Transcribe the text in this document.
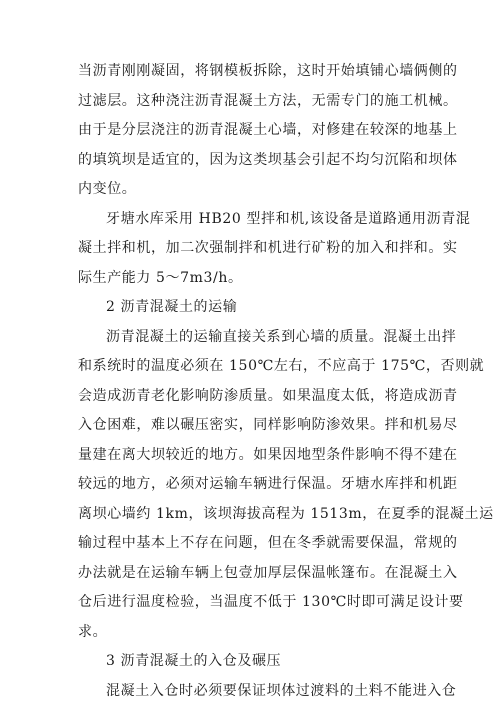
当沥青刚刚凝固，将钢模板拆除，这时开始填铺心墙俩侧的
过滤层。这种浇注沥青混凝土方法，无需专门的施工机械。
由于是分层浇注的沥青混凝土心墙，对修建在较深的地基上
的填筑坝是适宜的，因为这类坝基会引起不均匀沉陷和坝体
内变位。
牙塘水库采用 HB20 型拌和机,该设备是道路通用沥青混
凝土拌和机，加二次强制拌和机进行矿粉的加入和拌和。实
际生产能力 5～7m3/h。
2 沥青混凝土的运输
沥青混凝土的运输直接关系到心墙的质量。混凝土出拌
和系统时的温度必须在 150℃左右，不应高于 175℃，否则就
会造成沥青老化影响防渗质量。如果温度太低，将造成沥青
入仓困难，难以碾压密实，同样影响防渗效果。拌和机易尽
量建在离大坝较近的地方。如果因地型条件影响不得不建在
较远的地方，必须对运输车辆进行保温。牙塘水库拌和机距
离坝心墙约 1km，该坝海拔高程为 1513m，在夏季的混凝土运
输过程中基本上不存在问题，但在冬季就需要保温，常规的
办法就是在运输车辆上包壹加厚层保温帐篷布。在混凝土入
仓后进行温度检验，当温度不低于 130℃时即可满足设计要
求。
3 沥青混凝土的入仓及碾压
混凝土入仓时必须要保证坝体过渡料的土料不能进入仓
